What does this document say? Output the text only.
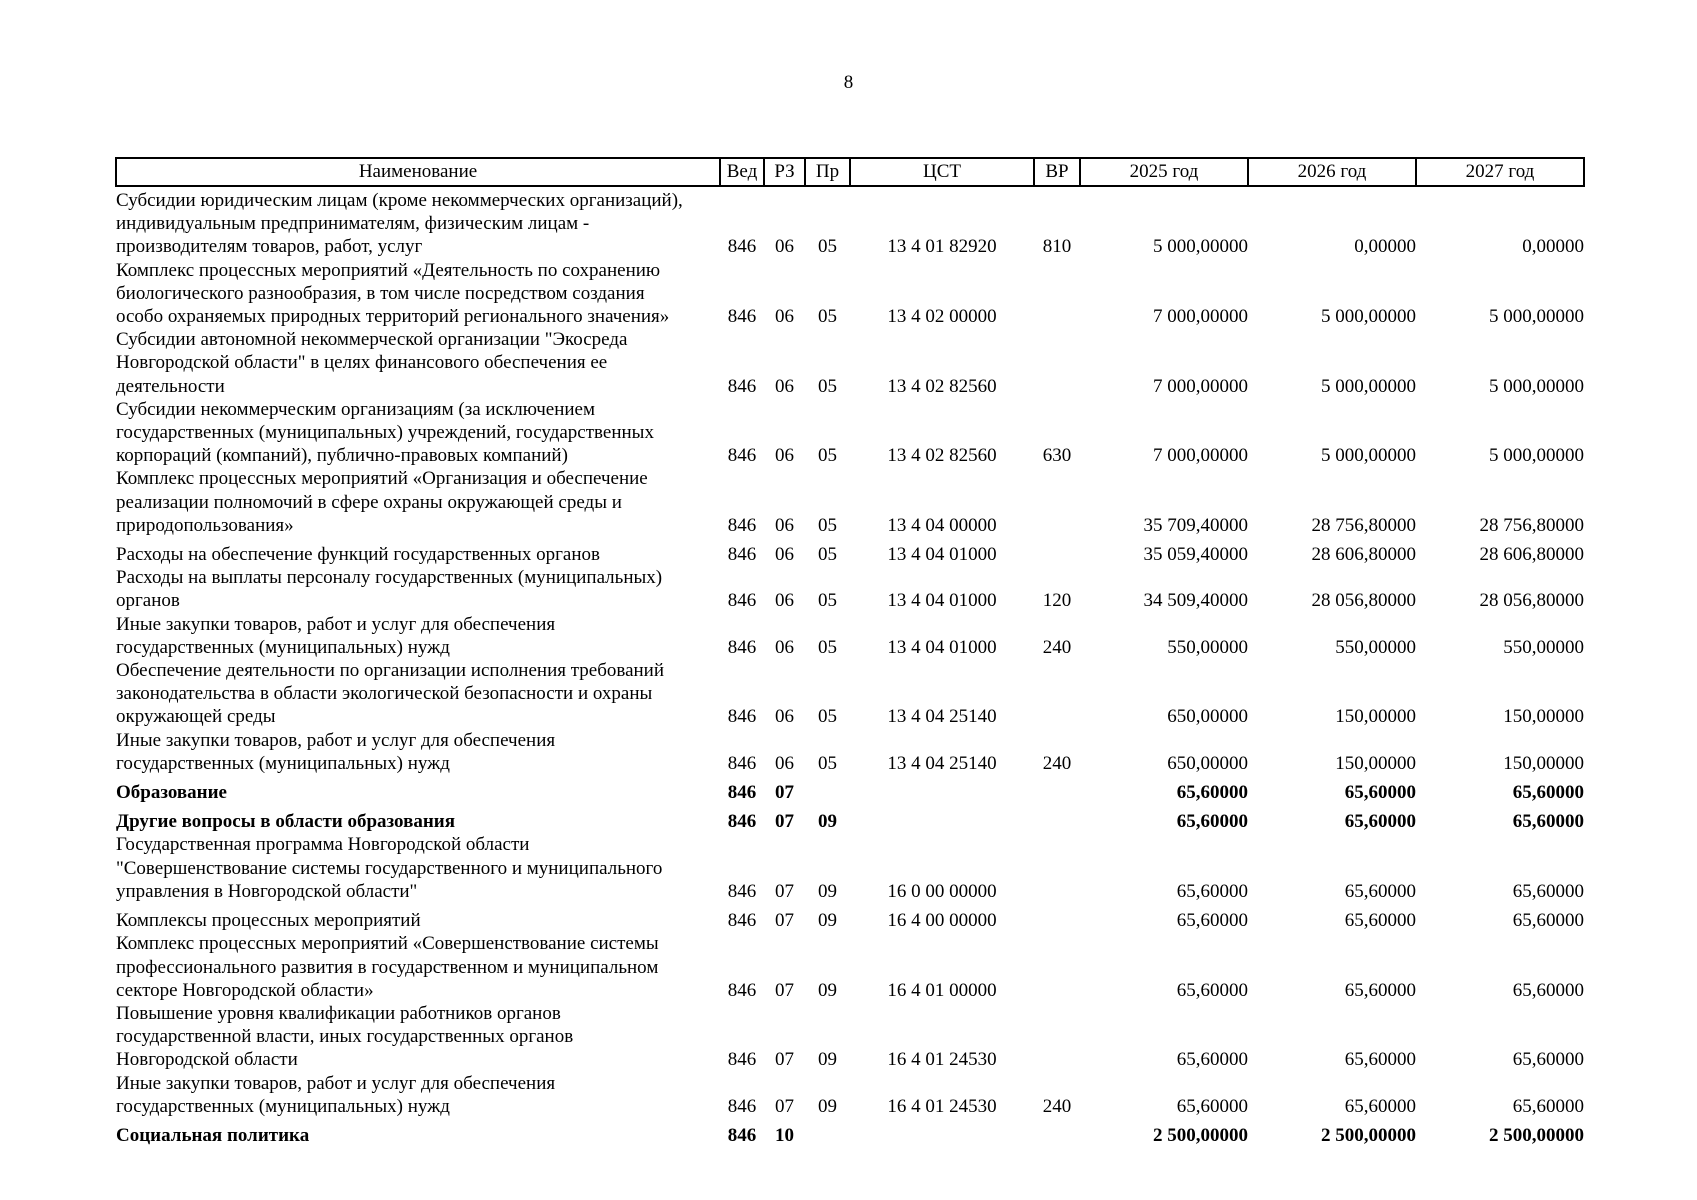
8
Наименование	Вед	РЗ	Пр	ЦСТ	ВР	2025 год	2026 год	2027 год
Субсидии юридическим лицам (кроме некоммерческих организаций),
индивидуальным предпринимателям, физическим лицам -
производителям товаров, работ, услуг	846	06	05	13 4 01 82920	810	5 000,00000	0,00000	0,00000
Комплекс процессных мероприятий «Деятельность по сохранению
биологического разнообразия, в том числе посредством создания
особо охраняемых природных территорий регионального значения»	846	06	05	13 4 02 00000		7 000,00000	5 000,00000	5 000,00000
Субсидии автономной некоммерческой организации "Экосреда
Новгородской области" в целях финансового обеспечения ее
деятельности	846	06	05	13 4 02 82560		7 000,00000	5 000,00000	5 000,00000
Субсидии некоммерческим организациям (за исключением
государственных (муниципальных) учреждений, государственных
корпораций (компаний), публично-правовых компаний)	846	06	05	13 4 02 82560	630	7 000,00000	5 000,00000	5 000,00000
Комплекс процессных мероприятий «Организация и обеспечение
реализации полномочий в сфере охраны окружающей среды и
природопользования»	846	06	05	13 4 04 00000		35 709,40000	28 756,80000	28 756,80000
Расходы на обеспечение функций государственных органов	846	06	05	13 4 04 01000		35 059,40000	28 606,80000	28 606,80000
Расходы на выплаты персоналу государственных (муниципальных)
органов	846	06	05	13 4 04 01000	120	34 509,40000	28 056,80000	28 056,80000
Иные закупки товаров, работ и услуг для обеспечения
государственных (муниципальных) нужд	846	06	05	13 4 04 01000	240	550,00000	550,00000	550,00000
Обеспечение деятельности по организации исполнения требований
законодательства в области экологической безопасности и охраны
окружающей среды	846	06	05	13 4 04 25140		650,00000	150,00000	150,00000
Иные закупки товаров, работ и услуг для обеспечения
государственных (муниципальных) нужд	846	06	05	13 4 04 25140	240	650,00000	150,00000	150,00000
Образование	846	07				65,60000	65,60000	65,60000
Другие вопросы в области образования	846	07	09			65,60000	65,60000	65,60000
Государственная программа Новгородской области
"Совершенствование системы государственного и муниципального
управления в Новгородской области"	846	07	09	16 0 00 00000		65,60000	65,60000	65,60000
Комплексы процессных мероприятий	846	07	09	16 4 00 00000		65,60000	65,60000	65,60000
Комплекс процессных мероприятий «Совершенствование системы
профессионального развития в государственном и муниципальном
секторе Новгородской области»	846	07	09	16 4 01 00000		65,60000	65,60000	65,60000
Повышение уровня квалификации работников органов
государственной власти, иных государственных органов
Новгородской области	846	07	09	16 4 01 24530		65,60000	65,60000	65,60000
Иные закупки товаров, работ и услуг для обеспечения
государственных (муниципальных) нужд	846	07	09	16 4 01 24530	240	65,60000	65,60000	65,60000
Социальная политика	846	10				2 500,00000	2 500,00000	2 500,00000
